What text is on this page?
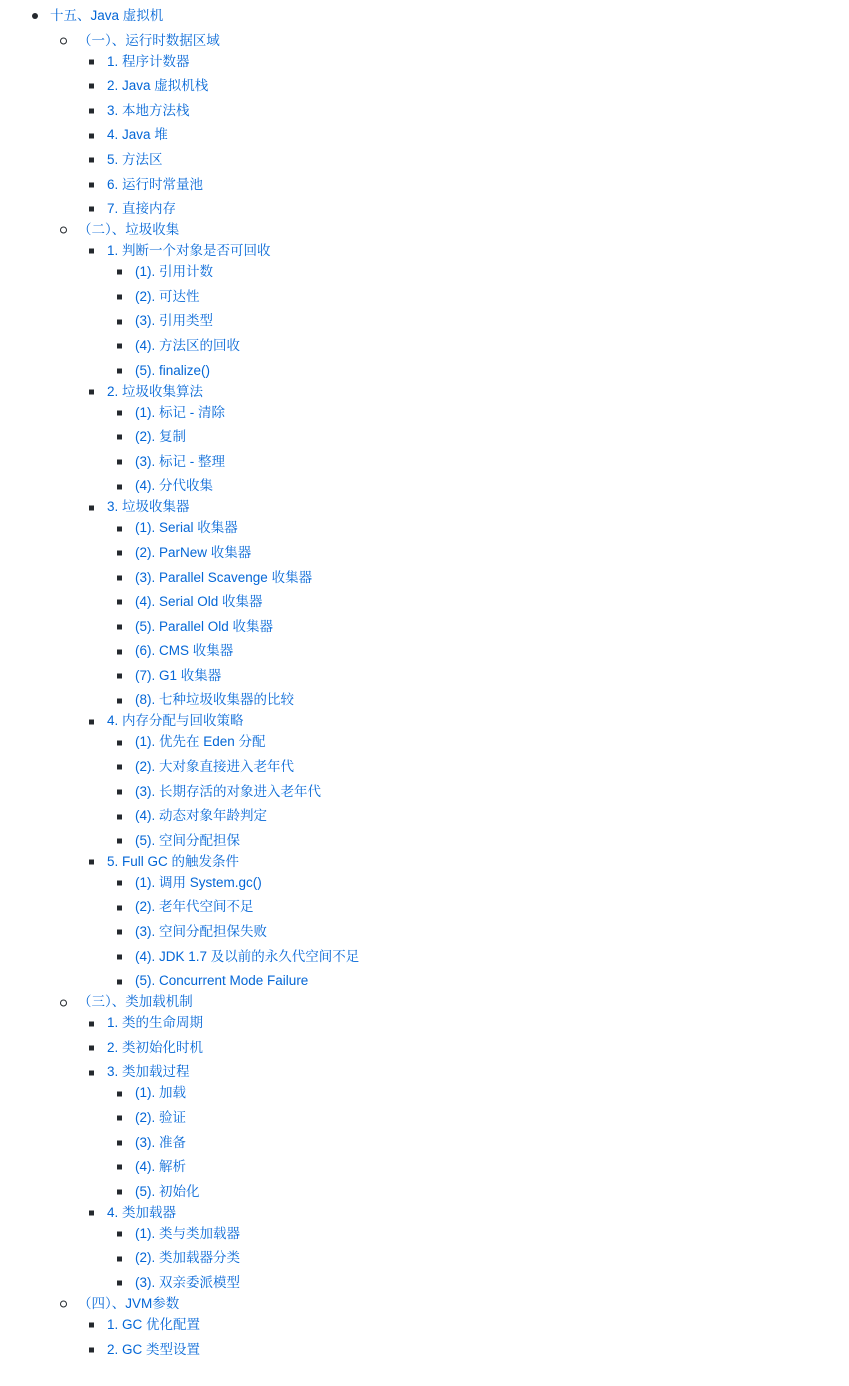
十五、Java 虚拟机
（一）、运行时数据区域
1. 程序计数器
2. Java 虚拟机栈
3. 本地方法栈
4. Java 堆
5. 方法区
6. 运行时常量池
7. 直接内存
（二）、垃圾收集
1. 判断一个对象是否可回收
(1). 引用计数
(2). 可达性
(3). 引用类型
(4). 方法区的回收
(5). finalize()
2. 垃圾收集算法
(1). 标记 - 清除
(2). 复制
(3). 标记 - 整理
(4). 分代收集
3. 垃圾收集器
(1). Serial 收集器
(2). ParNew 收集器
(3). Parallel Scavenge 收集器
(4). Serial Old 收集器
(5). Parallel Old 收集器
(6). CMS 收集器
(7). G1 收集器
(8). 七种垃圾收集器的比较
4. 内存分配与回收策略
(1). 优先在 Eden 分配
(2). 大对象直接进入老年代
(3). 长期存活的对象进入老年代
(4). 动态对象年龄判定
(5). 空间分配担保
5. Full GC 的触发条件
(1). 调用 System.gc()
(2). 老年代空间不足
(3). 空间分配担保失败
(4). JDK 1.7 及以前的永久代空间不足
(5). Concurrent Mode Failure
（三）、类加载机制
1. 类的生命周期
2. 类初始化时机
3. 类加载过程
(1). 加载
(2). 验证
(3). 准备
(4). 解析
(5). 初始化
4. 类加载器
(1). 类与类加载器
(2). 类加载器分类
(3). 双亲委派模型
（四）、JVM参数
1. GC 优化配置
2. GC 类型设置
